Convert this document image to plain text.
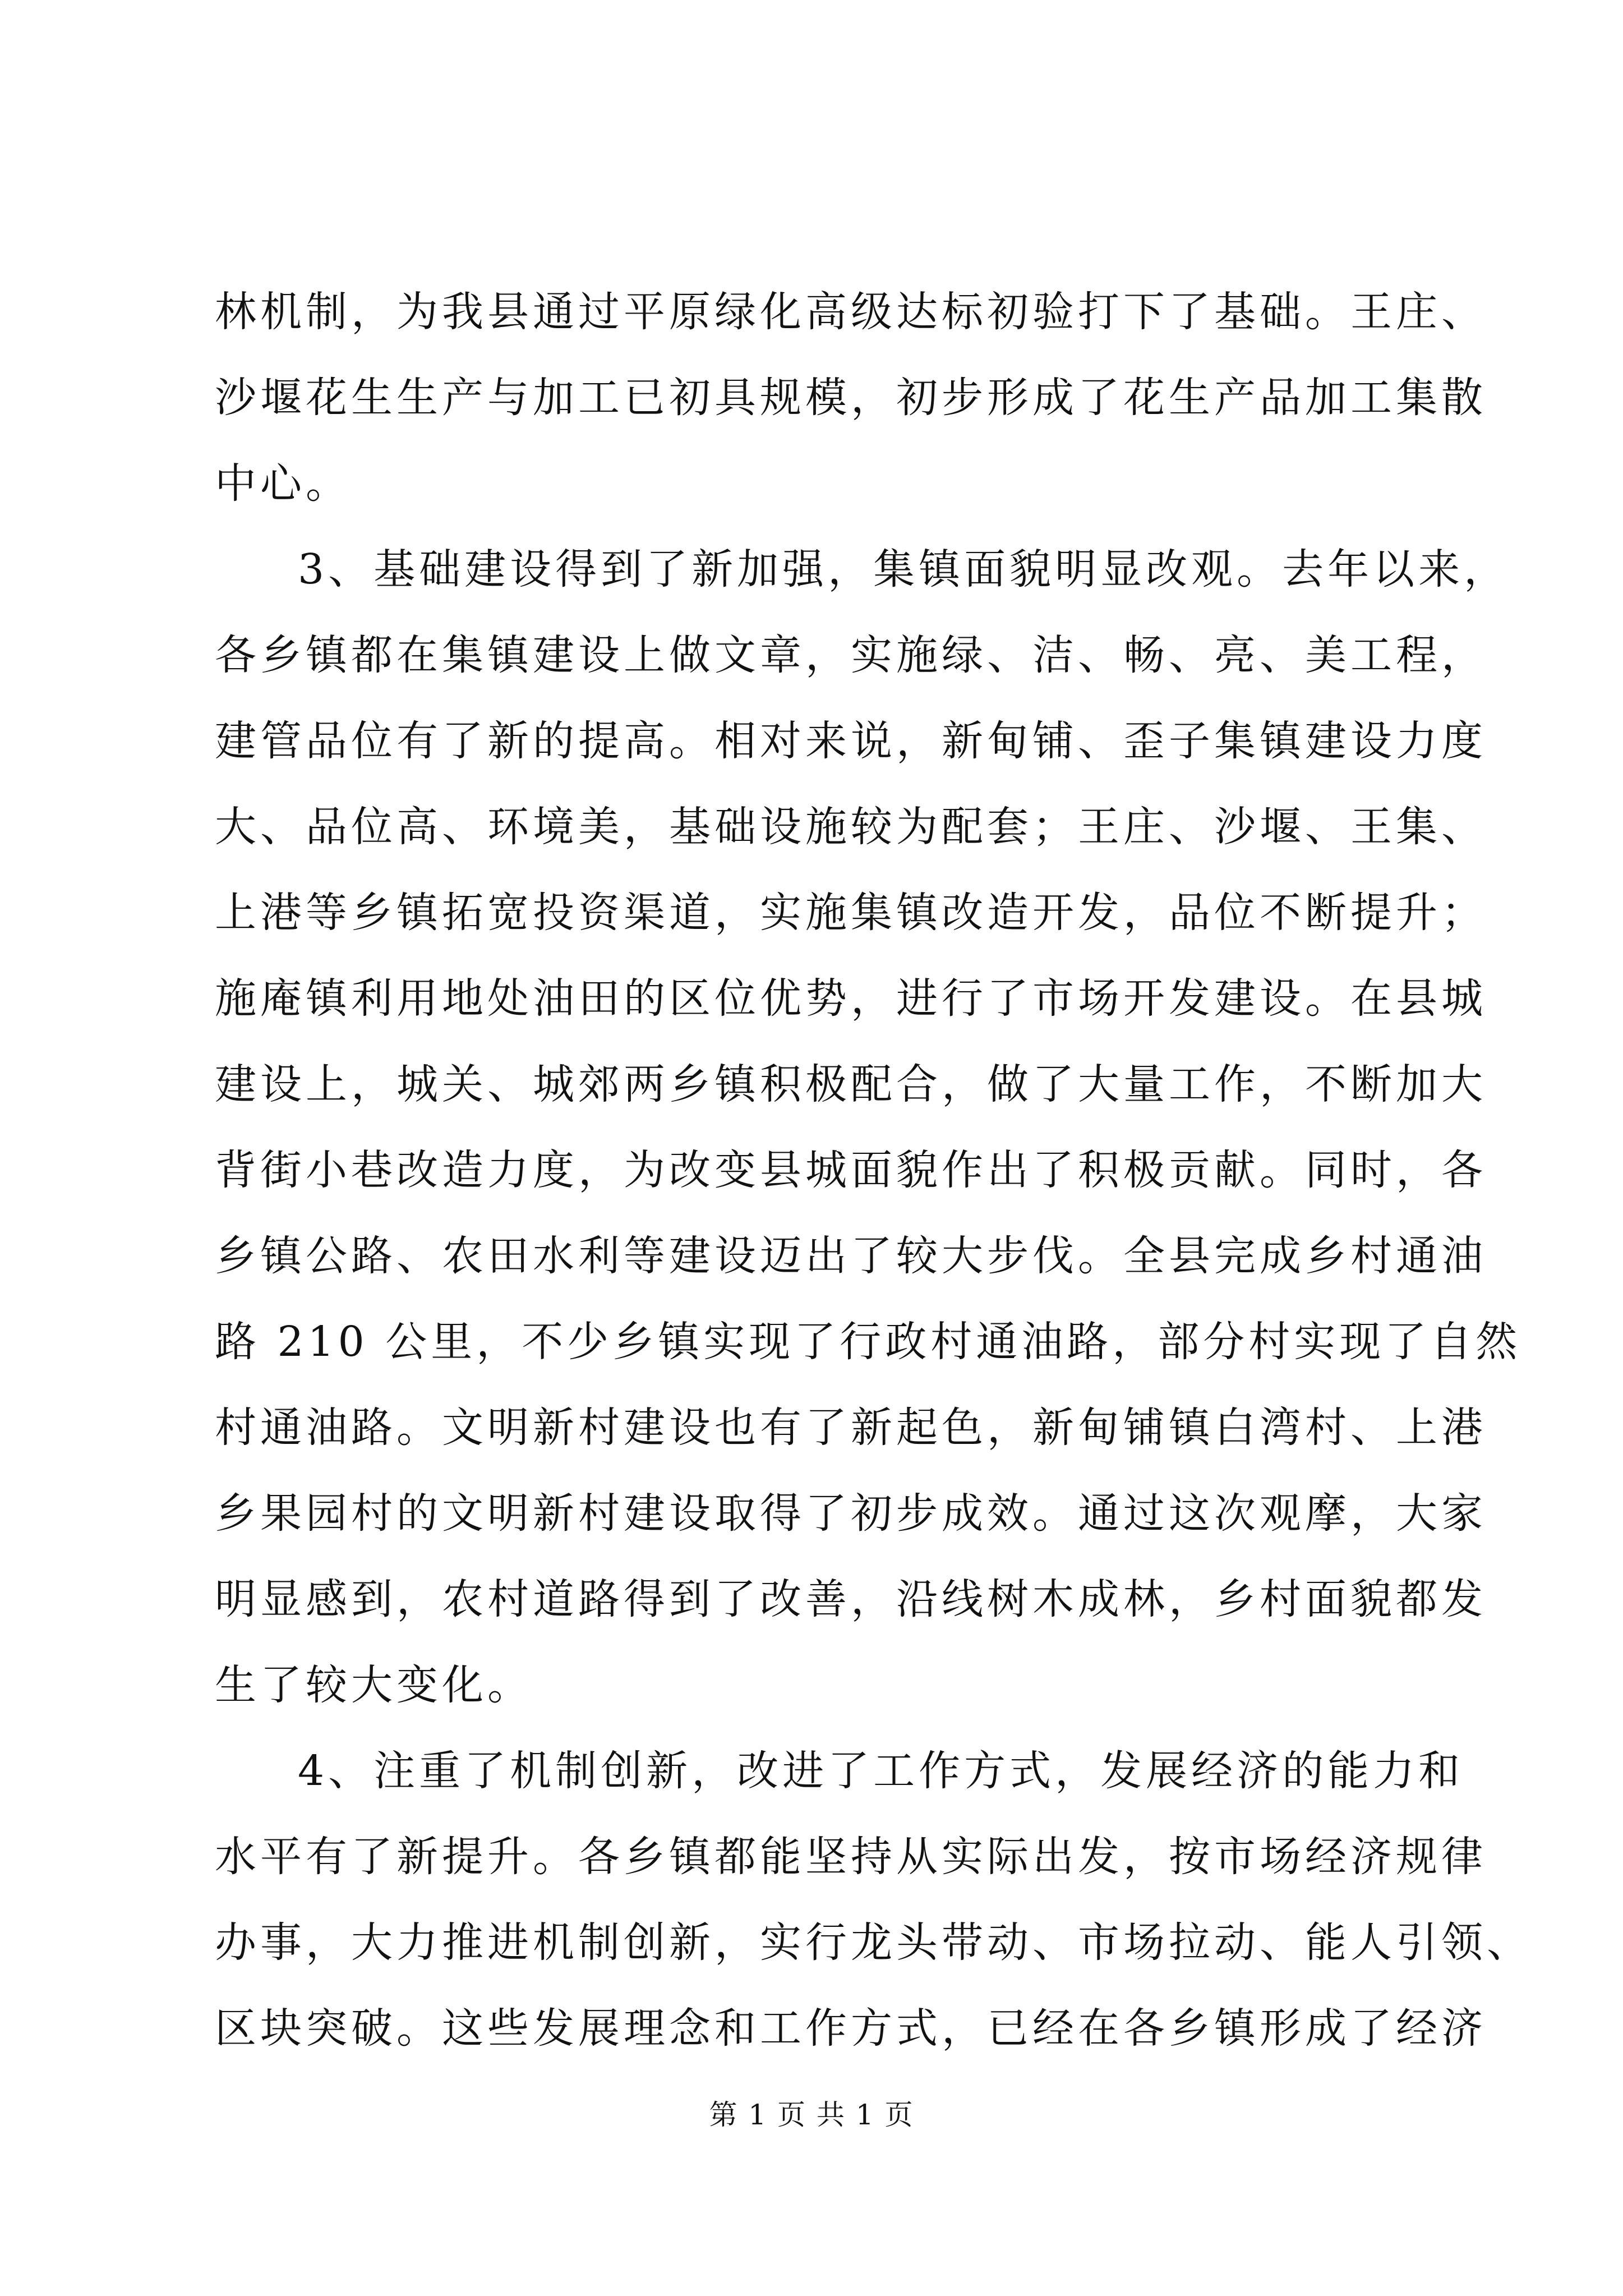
林机制，为我县通过平原绿化高级达标初验打下了基础。王庄、
沙堰花生生产与加工已初具规模，初步形成了花生产品加工集散
中心。
3、基础建设得到了新加强，集镇面貌明显改观。去年以来，
各乡镇都在集镇建设上做文章，实施绿、洁、畅、亮、美工程，
建管品位有了新的提高。相对来说，新甸铺、歪子集镇建设力度
大、品位高、环境美，基础设施较为配套；王庄、沙堰、王集、
上港等乡镇拓宽投资渠道，实施集镇改造开发，品位不断提升；
施庵镇利用地处油田的区位优势，进行了市场开发建设。在县城
建设上，城关、城郊两乡镇积极配合，做了大量工作，不断加大
背街小巷改造力度，为改变县城面貌作出了积极贡献。同时，各
乡镇公路、农田水利等建设迈出了较大步伐。全县完成乡村通油
路 210 公里，不少乡镇实现了行政村通油路，部分村实现了自然
村通油路。文明新村建设也有了新起色，新甸铺镇白湾村、上港
乡果园村的文明新村建设取得了初步成效。通过这次观摩，大家
明显感到，农村道路得到了改善，沿线树木成林，乡村面貌都发
生了较大变化。
4、注重了机制创新，改进了工作方式，发展经济的能力和
水平有了新提升。各乡镇都能坚持从实际出发，按市场经济规律
办事，大力推进机制创新，实行龙头带动、市场拉动、能人引领、
区块突破。这些发展理念和工作方式，已经在各乡镇形成了经济
第 1 页 共 1 页
